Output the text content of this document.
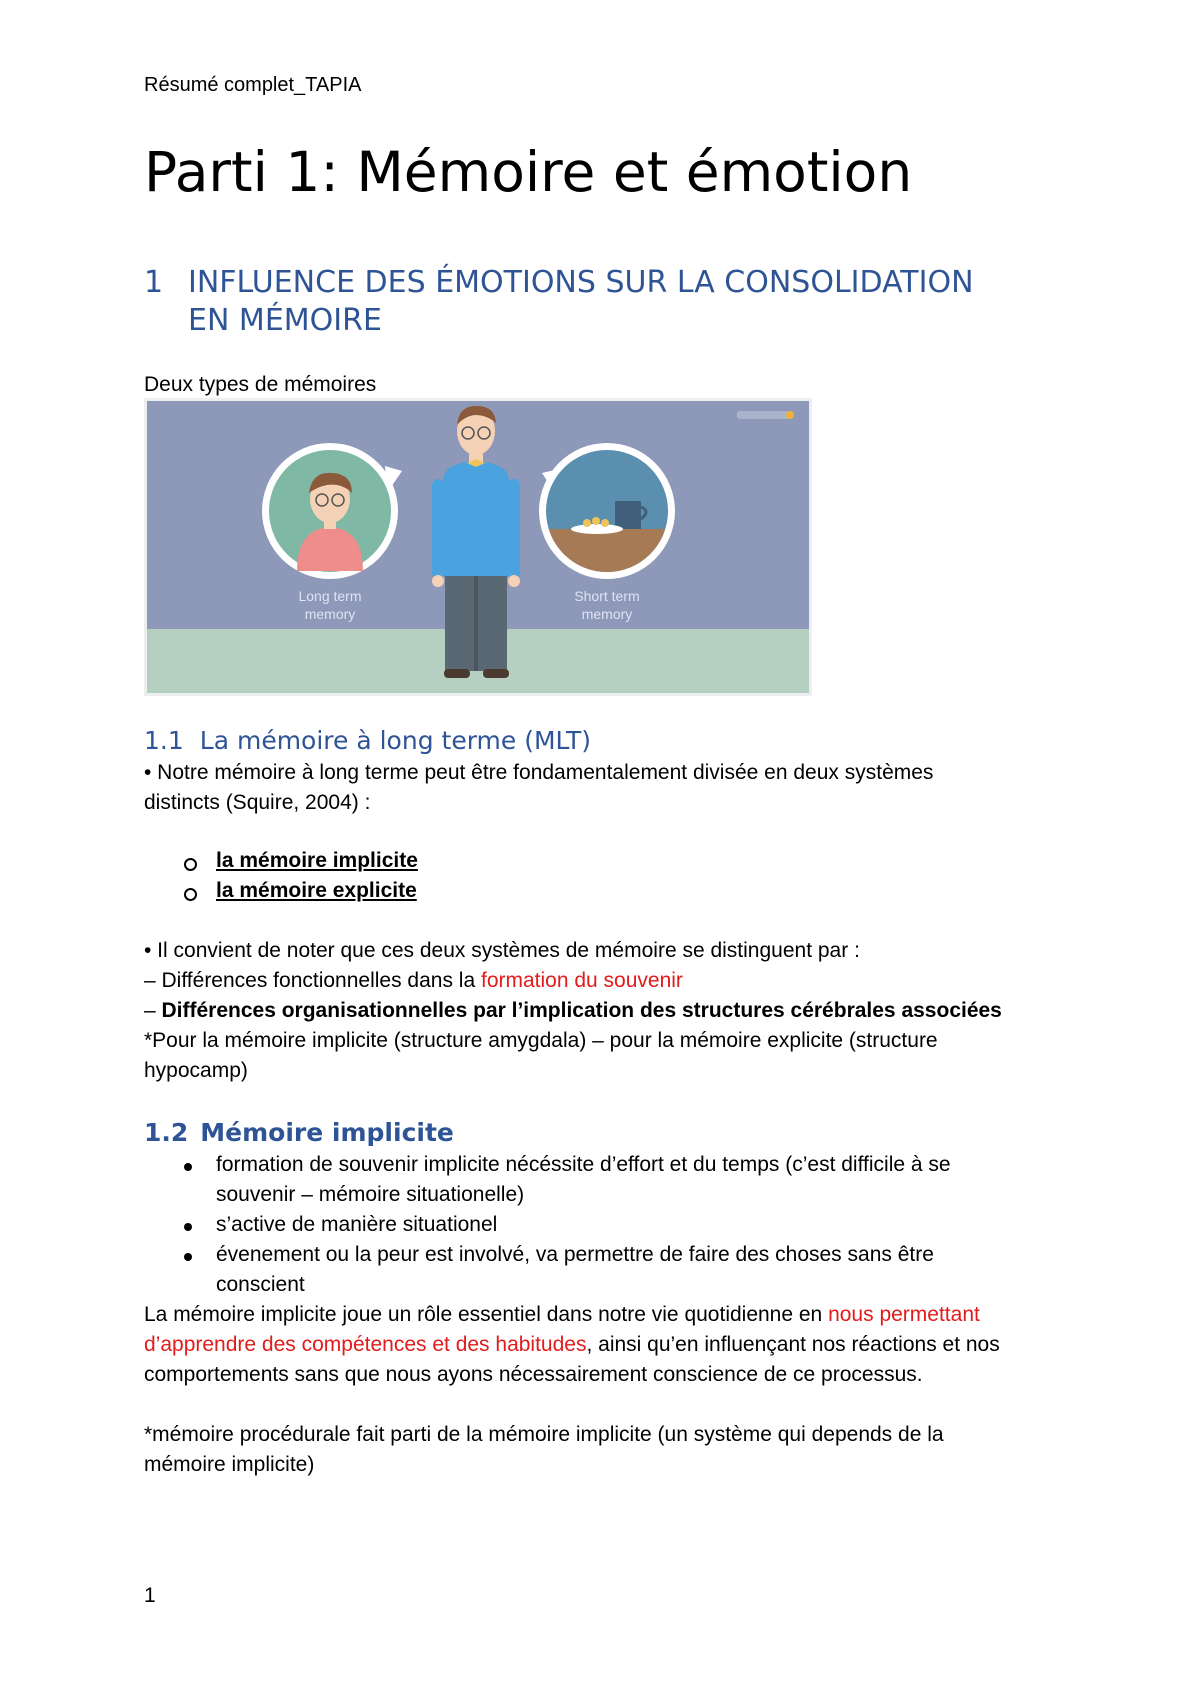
Résumé complet_TAPIA
Parti 1: Mémoire et émotion
1 INFLUENCE DES ÉMOTIONS SUR LA CONSOLIDATION
EN MÉMOIRE
Deux types de mémoires
Long term
memory
Short term
memory
1.1 La mémoire à long terme (MLT)
• Notre mémoire à long terme peut être fondamentalement divisée en deux systèmes
distincts (Squire, 2004) :
la mémoire implicite
la mémoire explicite
• Il convient de noter que ces deux systèmes de mémoire se distinguent par :
– Différences fonctionnelles dans la formation du souvenir
– Différences organisationnelles par l’implication des structures cérébrales associées
*Pour la mémoire implicite (structure amygdala) – pour la mémoire explicite (structure
hypocamp)
1.2 Mémoire implicite
formation de souvenir implicite nécéssite d’effort et du temps (c’est difficile à se
souvenir – mémoire situationelle)
s’active de manière situationel
évenement ou la peur est involvé, va permettre de faire des choses sans être
conscient
La mémoire implicite joue un rôle essentiel dans notre vie quotidienne en nous permettant
d’apprendre des compétences et des habitudes, ainsi qu’en influençant nos réactions et nos
comportements sans que nous ayons nécessairement conscience de ce processus.
*mémoire procédurale fait parti de la mémoire implicite (un système qui depends de la
mémoire implicite)
1
